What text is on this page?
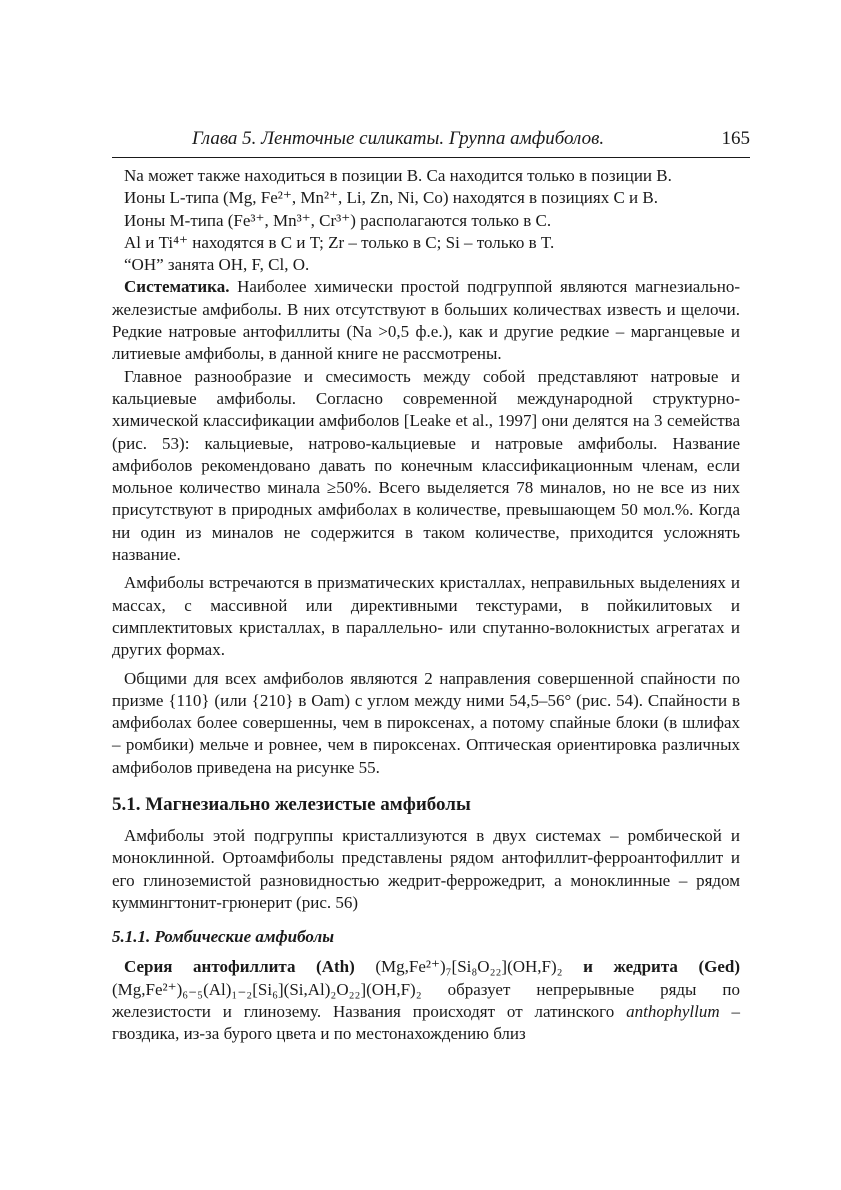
Глава 5. Ленточные силикаты. Группа амфиболов.	165

Na может также находиться в позиции B. Ca находится только в позиции B.

Ионы L-типа (Mg, Fe²⁺, Mn²⁺, Li, Zn, Ni, Co) находятся в позициях C и B.

Ионы M-типа (Fe³⁺, Mn³⁺, Cr³⁺) располагаются только в C.

Al и Ti⁴⁺ находятся в C и T; Zr – только в C; Si – только в T.

“OH” занята OH, F, Cl, O.

Систематика. Наиболее химически простой подгруппой являются магнезиально-железистые амфиболы. В них отсутствуют в больших количествах известь и щелочи. Редкие натровые антофиллиты (Na >0,5 ф.е.), как и другие редкие – марганцевые и литиевые амфиболы, в данной книге не рассмотрены.

Главное разнообразие и смесимость между собой представляют натровые и кальциевые амфиболы. Согласно современной международной структурно-химической классификации амфиболов [Leake et al., 1997] они делятся на 3 семейства (рис. 53): кальциевые, натрово-кальциевые и натровые амфиболы. Название амфиболов рекомендовано давать по конечным классификационным членам, если мольное количество минала ≥50%. Всего выделяется 78 миналов, но не все из них присутствуют в природных амфиболах в количестве, превышающем 50 мол.%. Когда ни один из миналов не содержится в таком количестве, приходится усложнять название.

Амфиболы встречаются в призматических кристаллах, неправильных выделениях и массах, с массивной или директивными текстурами, в пойкилитовых и симплектитовых кристаллах, в параллельно- или спутанно-волокнистых агрегатах и других формах.

Общими для всех амфиболов являются 2 направления совершенной спайности по призме {110} (или {210} в Oam) с углом между ними 54,5–56° (рис. 54). Спайности в амфиболах более совершенны, чем в пироксенах, а потому спайные блоки (в шлифах – ромбики) мельче и ровнее, чем в пироксенах. Оптическая ориентировка различных амфиболов приведена на рисунке 55.

5.1. Магнезиально железистые амфиболы

Амфиболы этой подгруппы кристаллизуются в двух системах – ромбической и моноклинной. Ортоамфиболы представлены рядом антофиллит-ферроантофиллит и его глиноземистой разновидностью жедрит-феррожедрит, а моноклинные – рядом куммингтонит-грюнерит (рис. 56)

5.1.1. Ромбические амфиболы

Серия антофиллита (Ath) (Mg,Fe²⁺)₇[Si₈O₂₂](OH,F)₂ и жедрита (Ged) (Mg,Fe²⁺)₆₋₅(Al)₁₋₂[Si₆](Si,Al)₂O₂₂](OH,F)₂ образует непрерывные ряды по железистости и глинозему. Названия происходят от латинского anthophyllum – гвоздика, из-за бурого цвета и по местонахождению близ
